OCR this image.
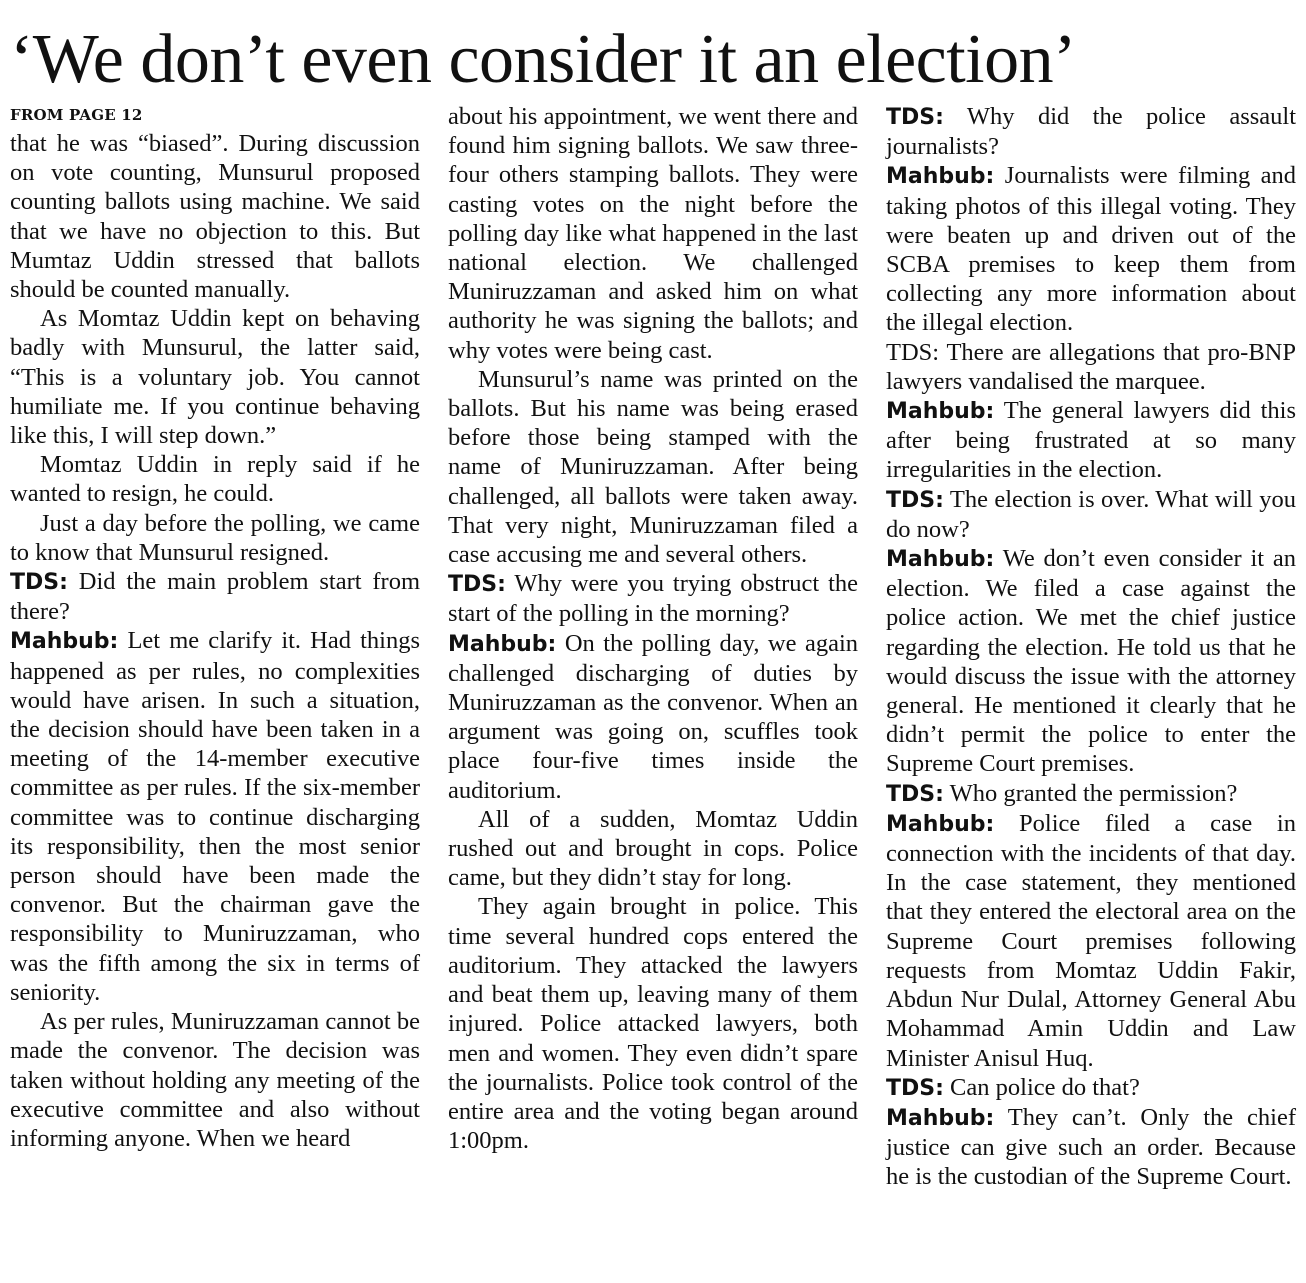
‘We don’t even consider it an election’
FROM PAGE 12

that he was “biased”. During discussion on vote counting, Munsurul proposed counting ballots using machine. We said that we have no objection to this. But Mumtaz Uddin stressed that ballots should be counted manually.

As Momtaz Uddin kept on behaving badly with Munsurul, the latter said, “This is a voluntary job. You cannot humiliate me. If you continue behaving like this, I will step down.”

Momtaz Uddin in reply said if he wanted to resign, he could.

Just a day before the polling, we came to know that Munsurul resigned.

TDS: Did the main problem start from there?

Mahbub: Let me clarify it. Had things happened as per rules, no complexities would have arisen. In such a situation, the decision should have been taken in a meeting of the 14-member executive committee as per rules. If the six-member committee was to continue discharging its responsibility, then the most senior person should have been made the convenor. But the chairman gave the responsibility to Muniruzzaman, who was the fifth among the six in terms of seniority.

As per rules, Muniruzzaman cannot be made the convenor. The decision was taken without holding any meeting of the executive committee and also without informing anyone. When we heard

about his appointment, we went there and found him signing ballots. We saw three-four others stamping ballots. They were casting votes on the night before the polling day like what happened in the last national election. We challenged Muniruzzaman and asked him on what authority he was signing the ballots; and why votes were being cast.

Munsurul’s name was printed on the ballots. But his name was being erased before those being stamped with the name of Muniruzzaman. After being challenged, all ballots were taken away. That very night, Muniruzzaman filed a case accusing me and several others.

TDS: Why were you trying obstruct the start of the polling in the morning?

Mahbub: On the polling day, we again challenged discharging of duties by Muniruzzaman as the convenor. When an argument was going on, scuffles took place four-five times inside the auditorium.

All of a sudden, Momtaz Uddin rushed out and brought in cops. Police came, but they didn’t stay for long.

They again brought in police. This time several hundred cops entered the auditorium. They attacked the lawyers and beat them up, leaving many of them injured. Police attacked lawyers, both men and women. They even didn’t spare the journalists. Police took control of the entire area and the voting began around 1:00pm.

TDS: Why did the police assault journalists?

Mahbub: Journalists were filming and taking photos of this illegal voting. They were beaten up and driven out of the SCBA premises to keep them from collecting any more information about the illegal election.

TDS: There are allegations that pro-BNP lawyers vandalised the marquee.

Mahbub: The general lawyers did this after being frustrated at so many irregularities in the election.

TDS: The election is over. What will you do now?

Mahbub: We don’t even consider it an election. We filed a case against the police action. We met the chief justice regarding the election. He told us that he would discuss the issue with the attorney general. He mentioned it clearly that he didn’t permit the police to enter the Supreme Court premises.

TDS: Who granted the permission?

Mahbub: Police filed a case in connection with the incidents of that day. In the case statement, they mentioned that they entered the electoral area on the Supreme Court premises following requests from Momtaz Uddin Fakir, Abdun Nur Dulal, Attorney General Abu Mohammad Amin Uddin and Law Minister Anisul Huq.

TDS: Can police do that?

Mahbub: They can’t. Only the chief justice can give such an order. Because he is the custodian of the Supreme Court.
